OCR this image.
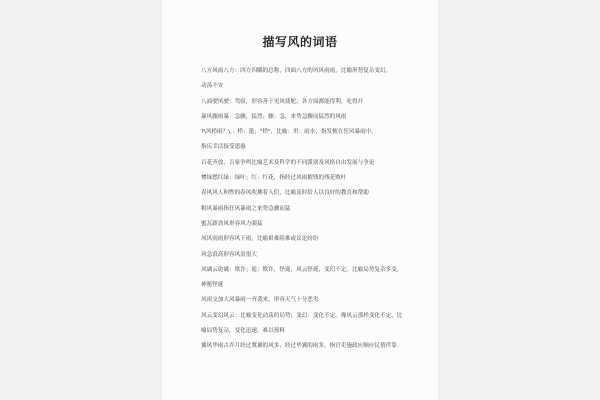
描写风的词语
八方风雨八方：四方四隅的总称，四面八方的风风雨雨，比喻形势复杂变幻。
动荡不安
八面驶风驶：驾驭，形容善于见风使舵，各方面都能得利，吃得开
暴风骤雨暴：急骤，猛烈；骤：急，来势急骤而猛烈的风雨
?\风栉雨？\,：栉：篦；"栉"，比喻：用：雨水，指发梳在狂风暴雨中。
指庆幸活接受恩惠
百花齐放，百家争鸣比喻艺术及科学的不同派别及风格自由发展与争论
惨绿愁红绿：绿叶；红：红花，指经过风雨摧残的残花败叶
春风风人和煦的春风吹拂着人们，比喻及时给人以良好的教育和帮助
粗风暴雨指狂风暴雨之来势急骤而猛
蜜瓦跟劲风形容风力强猛
风风雨雨形容风下雨，比喻艰难阻难或议论纷纷
风急浪高形容风浪很大
风谲云诡谲：欺诈；诡：欺诈，怪诞，风云怪诞，变幻不定。比喻局势复杂多变，
神秘怪诞
风雨交加大风暴雨一齐袭来，形容天气十分恶劣
风云变幻风云：比喻变化动荡的局势；变幻：变化不定。像风云那样变化不定，比
喻局势复杂，变化迅速，难以预料
翼风华雨古乔月经过冀翼的风多，经过毕翼的雨多，指官吏施政应顺应民情伴靠
